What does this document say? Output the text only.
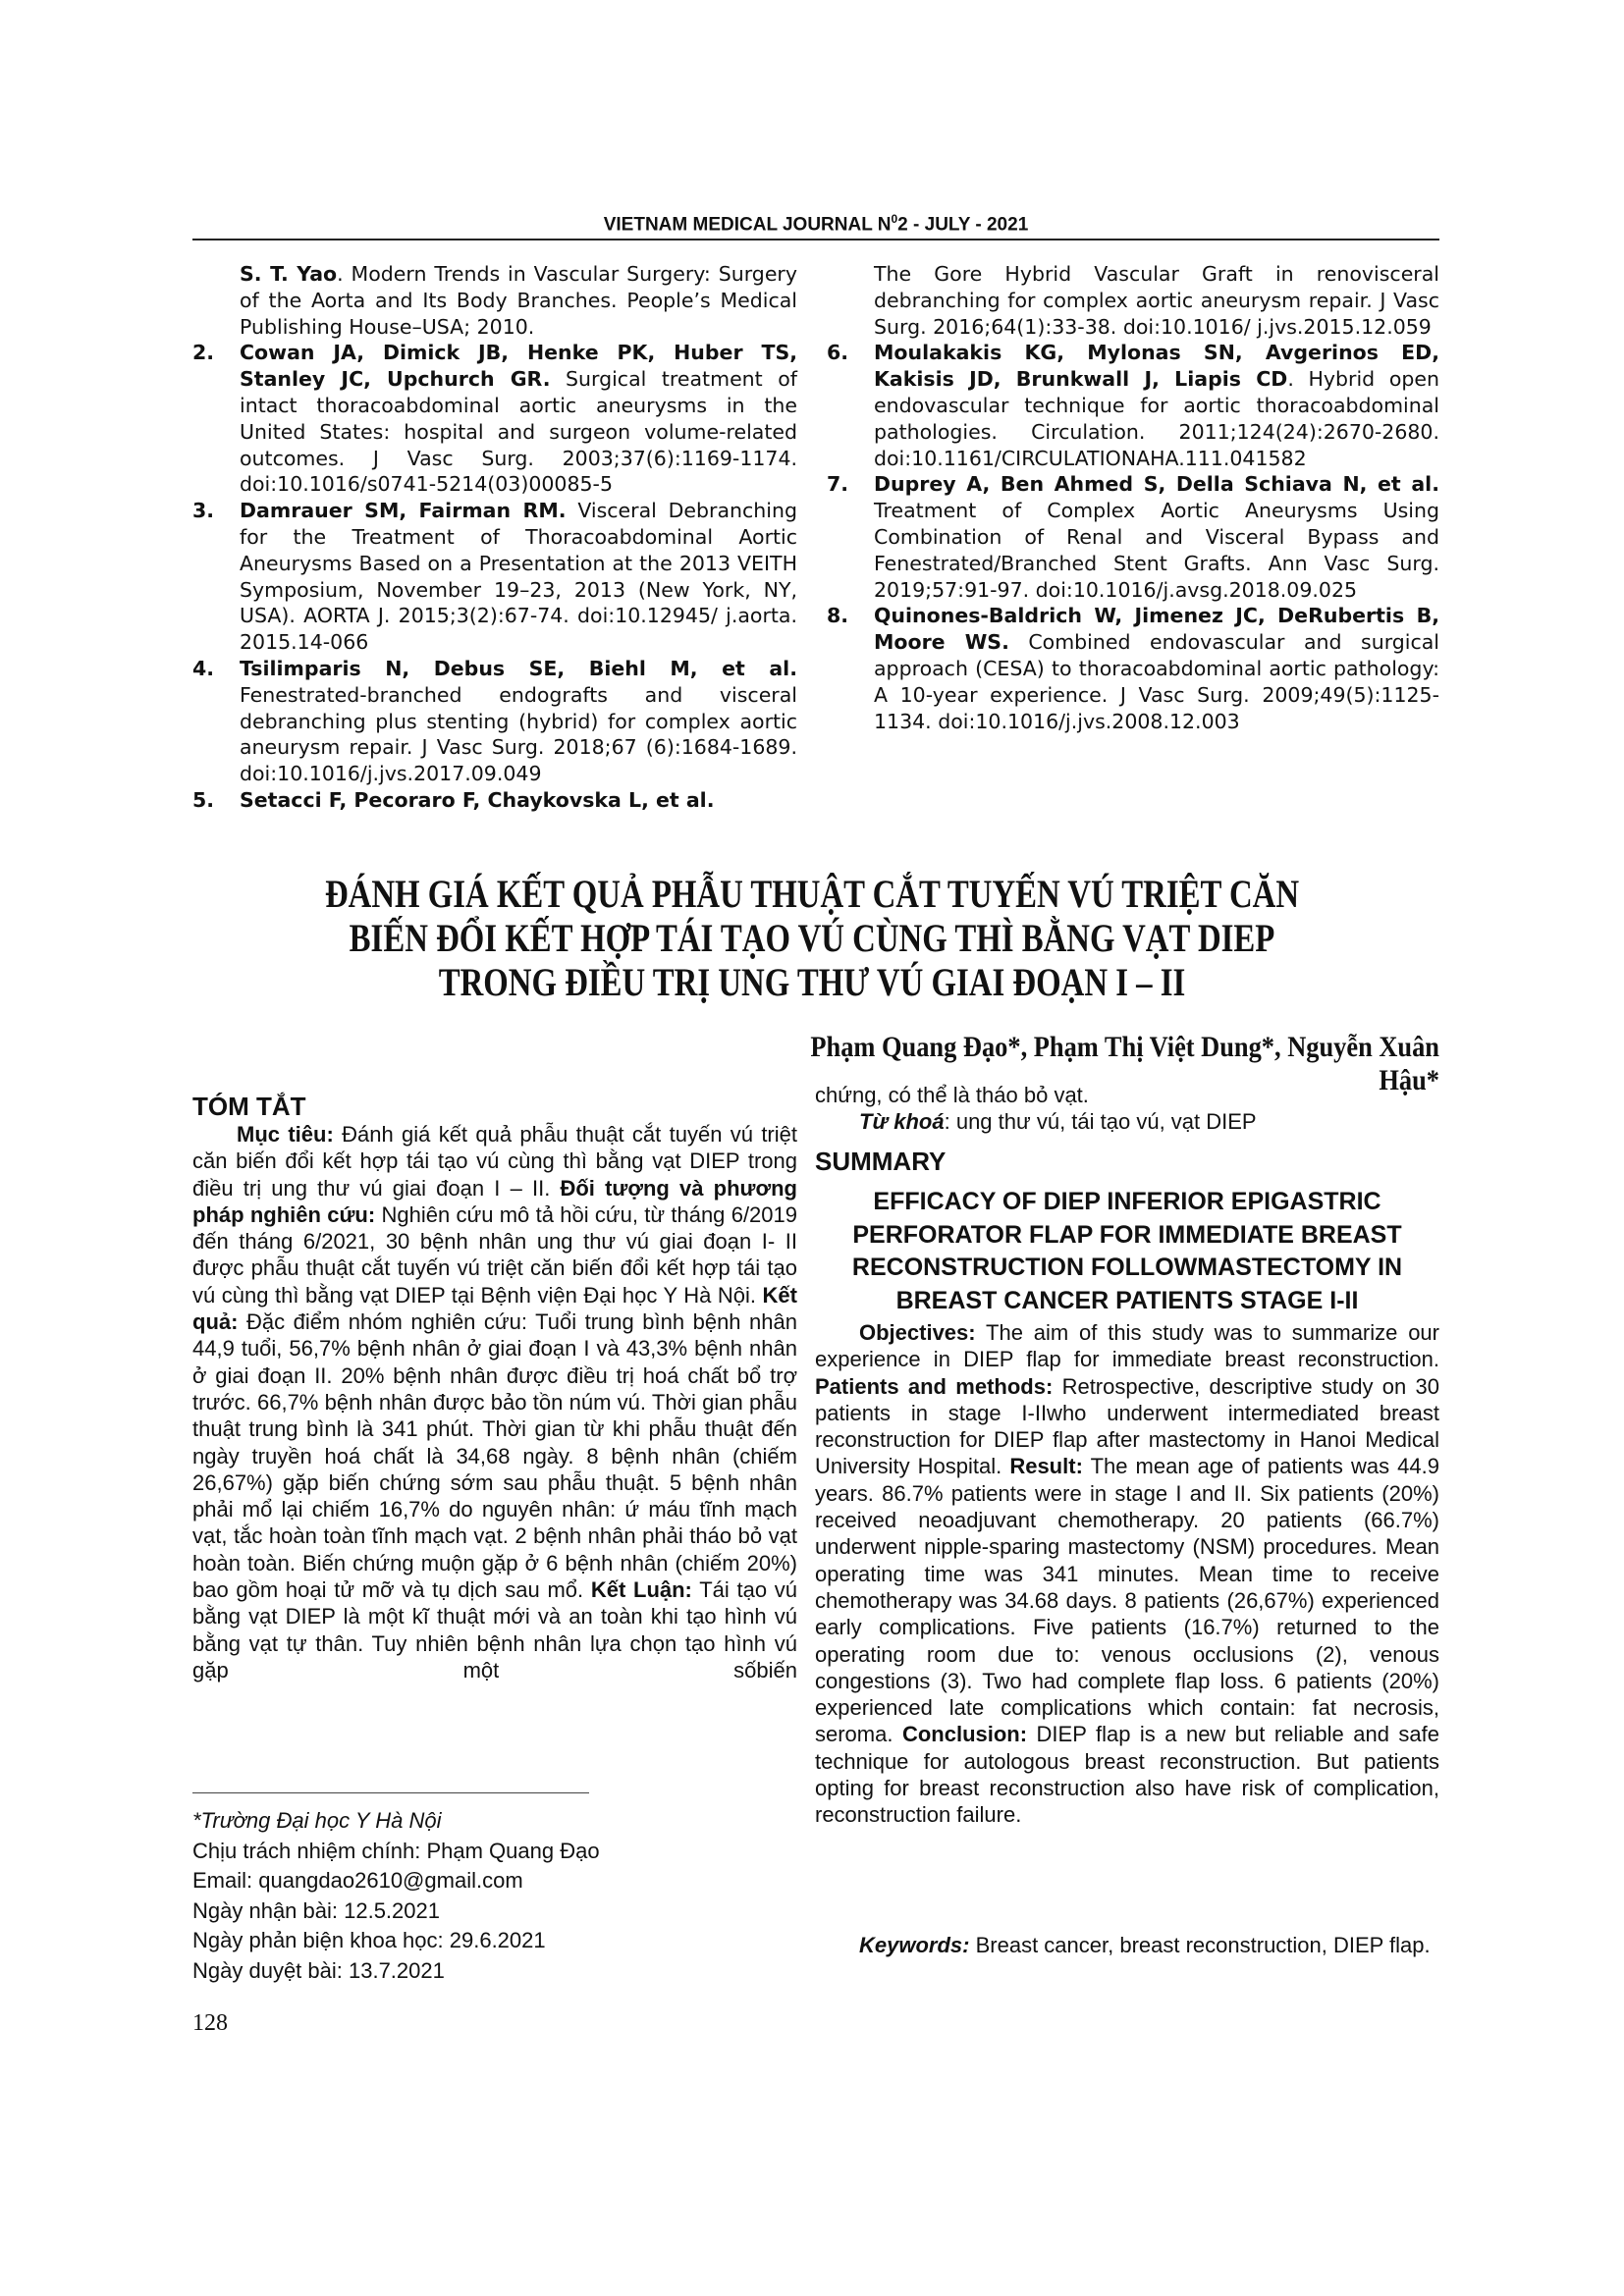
VIETNAM MEDICAL JOURNAL $N^02$ - JULY - 2021
S. T. Yao. Modern Trends in Vascular Surgery: Surgery of the Aorta and Its Body Branches. People’s Medical Publishing House–USA; 2010.
2. Cowan JA, Dimick JB, Henke PK, Huber TS, Stanley JC, Upchurch GR. Surgical treatment of intact thoracoabdominal aortic aneurysms in the United States: hospital and surgeon volume-related outcomes. J Vasc Surg. 2003;37(6):1169-1174. doi:10.1016/s0741-5214(03)00085-5
3. Damrauer SM, Fairman RM. Visceral Debranching for the Treatment of Thoracoabdominal Aortic Aneurysms Based on a Presentation at the 2013 VEITH Symposium, November 19–23, 2013 (New York, NY, USA). AORTA J. 2015;3(2):67-74. doi:10.12945/ j.aorta. 2015.14-066
4. Tsilimparis N, Debus SE, Biehl M, et al. Fenestrated-branched endografts and visceral debranching plus stenting (hybrid) for complex aortic aneurysm repair. J Vasc Surg. 2018;67 (6):1684-1689. doi:10.1016/j.jvs.2017.09.049
5. Setacci F, Pecoraro F, Chaykovska L, et al.
The Gore Hybrid Vascular Graft in renovisceral debranching for complex aortic aneurysm repair. J Vasc Surg. 2016;64(1):33-38. doi:10.1016/ j.jvs.2015.12.059
6. Moulakakis KG, Mylonas SN, Avgerinos ED, Kakisis JD, Brunkwall J, Liapis CD. Hybrid open endovascular technique for aortic thoracoabdominal pathologies. Circulation. 2011;124(24):2670-2680. doi:10.1161/CIRCULATIONAHA.111.041582
7. Duprey A, Ben Ahmed S, Della Schiava N, et al. Treatment of Complex Aortic Aneurysms Using Combination of Renal and Visceral Bypass and Fenestrated/Branched Stent Grafts. Ann Vasc Surg. 2019;57:91-97. doi:10.1016/j.avsg.2018.09.025
8. Quinones-Baldrich W, Jimenez JC, DeRubertis B, Moore WS. Combined endovascular and surgical approach (CESA) to thoracoabdominal aortic pathology: A 10-year experience. J Vasc Surg. 2009;49(5):1125-1134. doi:10.1016/j.jvs.2008.12.003
ĐÁNH GIÁ KẾT QUẢ PHẪU THUẬT CẮT TUYẾN VÚ TRIỆT CĂN
BIẾN ĐỔI KẾT HỢP TÁI TẠO VÚ CÙNG THÌ BẰNG VẠT DIEP
TRONG ĐIỀU TRỊ UNG THƯ VÚ GIAI ĐOẠN I – II
Phạm Quang Đạo*, Phạm Thị Việt Dung*, Nguyễn Xuân Hậu*
TÓM TẮT
Mục tiêu: Đánh giá kết quả phẫu thuật cắt tuyến vú triệt căn biến đổi kết hợp tái tạo vú cùng thì bằng vạt DIEP trong điều trị ung thư vú giai đoạn I – II. Đối tượng và phương pháp nghiên cứu: Nghiên cứu mô tả hồi cứu, từ tháng 6/2019 đến tháng 6/2021, 30 bệnh nhân ung thư vú giai đoạn I- II được phẫu thuật cắt tuyến vú triệt căn biến đổi kết hợp tái tạo vú cùng thì bằng vạt DIEP tại Bệnh viện Đại học Y Hà Nội. Kết quả: Đặc điểm nhóm nghiên cứu: Tuổi trung bình bệnh nhân 44,9 tuổi, 56,7% bệnh nhân ở giai đoạn I và 43,3% bệnh nhân ở giai đoạn II. 20% bệnh nhân được điều trị hoá chất bổ trợ trước. 66,7% bệnh nhân được bảo tồn núm vú. Thời gian phẫu thuật trung bình là 341 phút. Thời gian từ khi phẫu thuật đến ngày truyền hoá chất là 34,68 ngày. 8 bệnh nhân (chiếm 26,67%) gặp biến chứng sớm sau phẫu thuật. 5 bệnh nhân phải mổ lại chiếm 16,7% do nguyên nhân: ứ máu tĩnh mạch vạt, tắc hoàn toàn tĩnh mạch vạt. 2 bệnh nhân phải tháo bỏ vạt hoàn toàn. Biến chứng muộn gặp ở 6 bệnh nhân (chiếm 20%) bao gồm hoại tử mỡ và tụ dịch sau mổ. Kết Luận: Tái tạo vú bằng vạt DIEP là một kĩ thuật mới và an toàn khi tạo hình vú bằng vạt tự thân. Tuy nhiên bệnh nhân lựa chọn tạo hình vú gặp một sốbiến
chứng, có thể là tháo bỏ vạt.
Từ khoá: ung thư vú, tái tạo vú, vạt DIEP
SUMMARY
EFFICACY OF DIEP INFERIOR EPIGASTRIC
PERFORATOR FLAP FOR IMMEDIATE BREAST
RECONSTRUCTION FOLLOWMASTECTOMY IN
BREAST CANCER PATIENTS STAGE I-II
Objectives: The aim of this study was to summarize our experience in DIEP flap for immediate breast reconstruction. Patients and methods: Retrospective, descriptive study on 30 patients in stage I-IIwho underwent intermediated breast reconstruction for DIEP flap after mastectomy in Hanoi Medical University Hospital. Result: The mean age of patients was 44.9 years. 86.7% patients were in stage I and II. Six patients (20%) received neoadjuvant chemotherapy. 20 patients (66.7%) underwent nipple-sparing mastectomy (NSM) procedures. Mean operating time was 341 minutes. Mean time to receive chemotherapy was 34.68 days. 8 patients (26,67%) experienced early complications. Five patients (16.7%) returned to the operating room due to: venous occlusions (2), venous congestions (3). Two had complete flap loss. 6 patients (20%) experienced late complications which contain: fat necrosis, seroma. Conclusion: DIEP flap is a new but reliable and safe technique for autologous breast reconstruction. But patients opting for breast reconstruction also have risk of complication, reconstruction failure.
Keywords: Breast cancer, breast reconstruction, DIEP flap.
*Trường Đại học Y Hà Nội
Chịu trách nhiệm chính: Phạm Quang Đạo
Email: quangdao2610@gmail.com
Ngày nhận bài: 12.5.2021
Ngày phản biện khoa học: 29.6.2021
Ngày duyệt bài: 13.7.2021
128
